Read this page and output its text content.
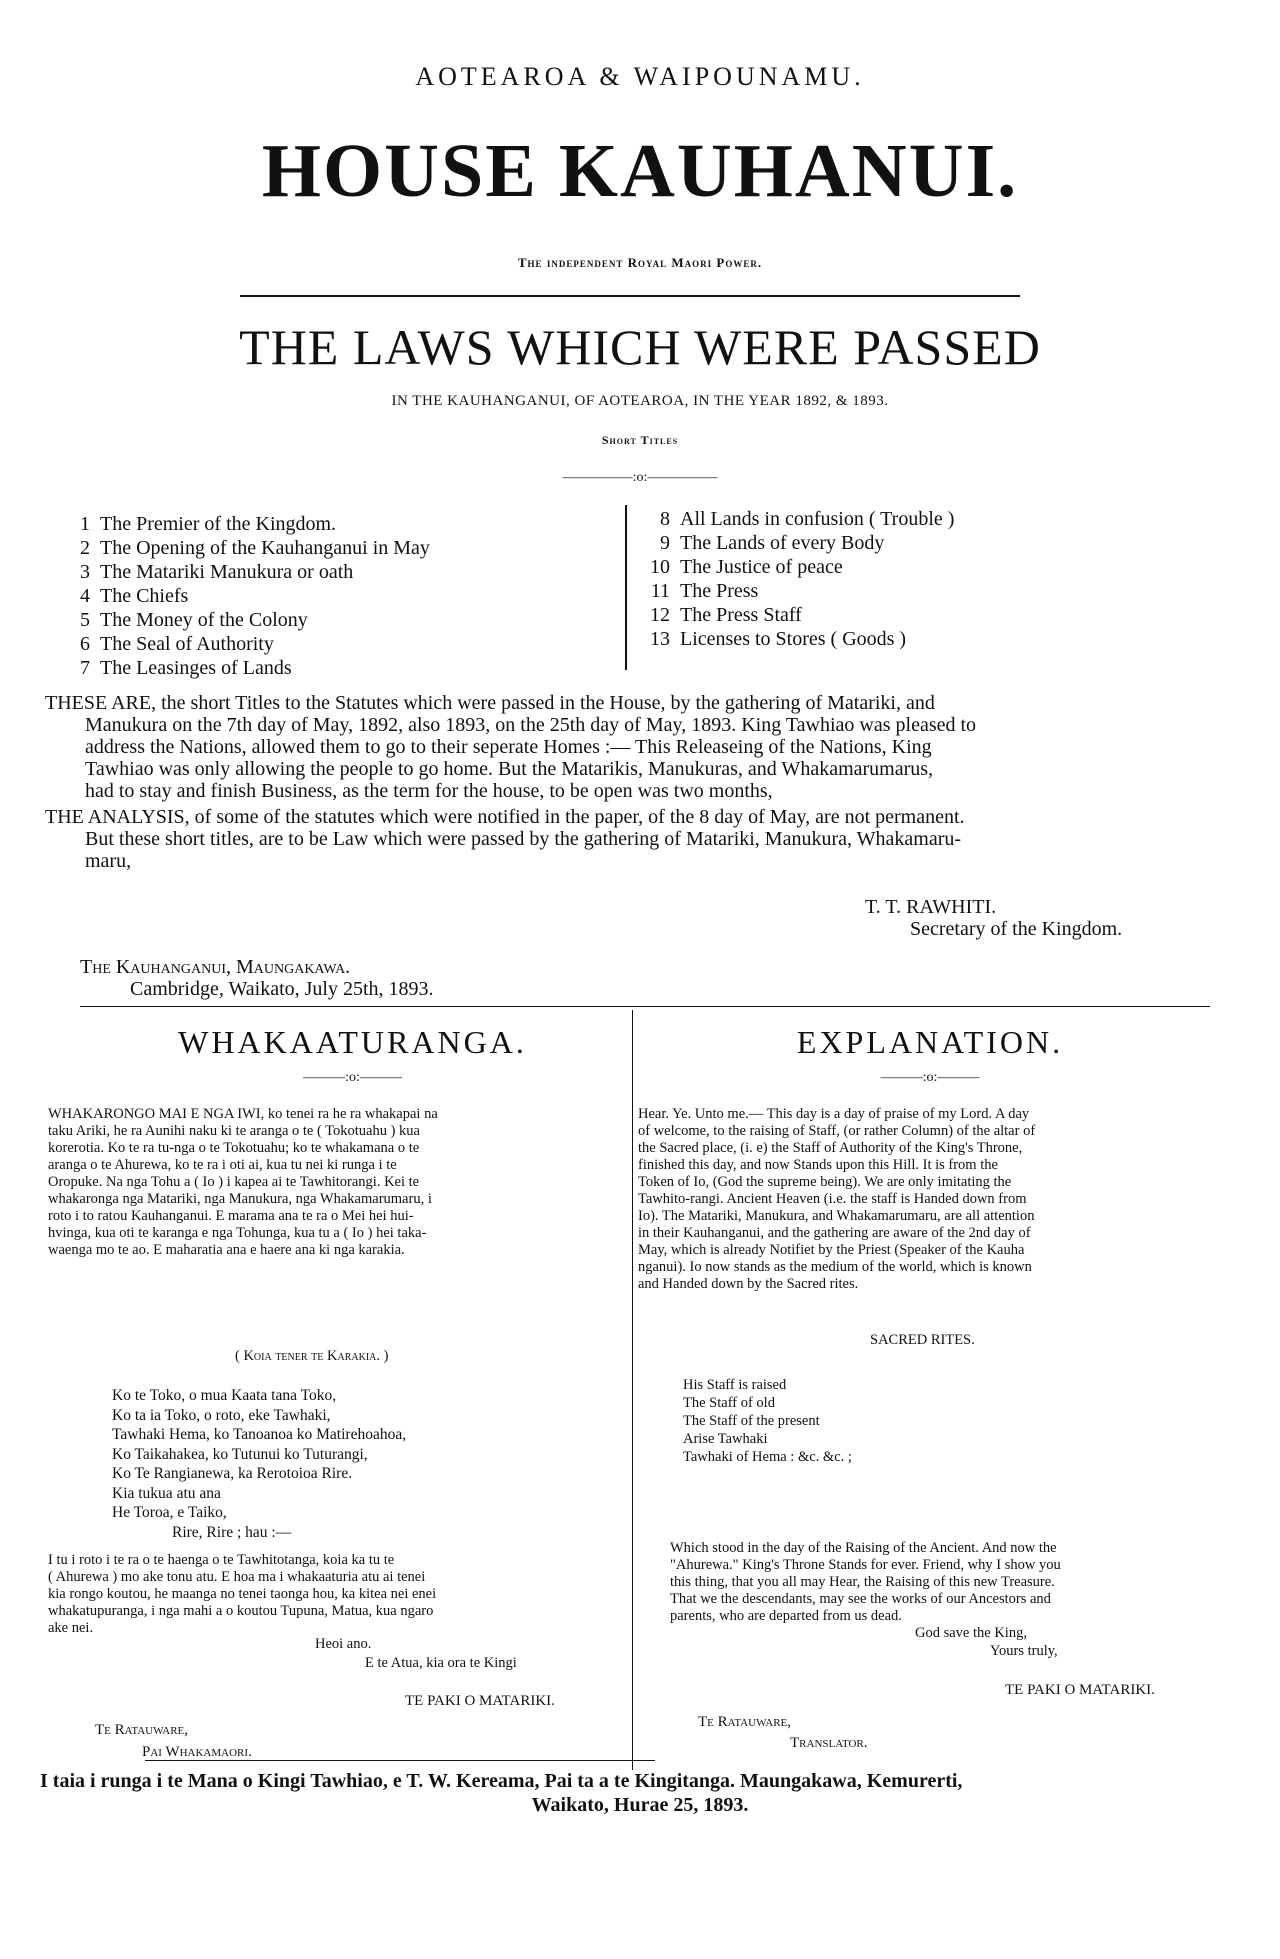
AOTEAROA & WAIPOUNAMU.
HOUSE KAUHANUI.
The independent Royal Maori Power.
THE LAWS WHICH WERE PASSED
IN THE KAUHANGANUI, OF AOTEAROA, IN THE YEAR 1892, & 1893.
Short Titles
—————:o:—————
1 The Premier of the Kingdom.
2 The Opening of the Kauhanganui in May
3 The Matariki Manukura or oath
4 The Chiefs
5 The Money of the Colony
6 The Seal of Authority
7 The Leasinges of Lands
8 All Lands in confusion ( Trouble )
9 The Lands of every Body
10 The Justice of peace
11 The Press
12 The Press Staff
13 Licenses to Stores ( Goods )
THESE ARE, the short Titles to the Statutes which were passed in the House, by the gathering of Matariki, and
Manukura on the 7th day of May, 1892, also 1893, on the 25th day of May, 1893. King Tawhiao was pleased to
address the Nations, allowed them to go to their seperate Homes :— This Releaseing of the Nations, King
Tawhiao was only allowing the people to go home. But the Matarikis, Manukuras, and Whakamarumarus,
had to stay and finish Business, as the term for the house, to be open was two months,
THE ANALYSIS, of some of the statutes which were notified in the paper, of the 8 day of May, are not permanent.
But these short titles, are to be Law which were passed by the gathering of Matariki, Manukura, Whakamaru-
maru,
T. T. RAWHITI.
Secretary of the Kingdom.
The Kauhanganui, Maungakawa.
Cambridge, Waikato, July 25th, 1893.
WHAKAATURANGA.
———:o:———
WHAKARONGO MAI E NGA IWI, ko tenei ra he ra whakapai na
taku Ariki, he ra Aunihi naku ki te aranga o te ( Tokotuahu ) kua
korerotia. Ko te ra tu-nga o te Tokotuahu; ko te whakamana o te
aranga o te Ahurewa, ko te ra i oti ai, kua tu nei ki runga i te
Oropuke. Na nga Tohu a ( Io ) i kapea ai te Tawhitorangi. Kei te
whakaronga nga Matariki, nga Manukura, nga Whakamarumaru, i
roto i to ratou Kauhanganui. E marama ana te ra o Mei hei hui-
hvinga, kua oti te karanga e nga Tohunga, kua tu a ( Io ) hei taka-
waenga mo te ao. E maharatia ana e haere ana ki nga karakia.
( Koia tener te Karakia. )
Ko te Toko, o mua Kaata tana Toko,
Ko ta ia Toko, o roto, eke Tawhaki,
Tawhaki Hema, ko Tanoanoa ko Matirehoahoa,
Ko Taikahakea, ko Tutunui ko Tuturangi,
Ko Te Rangianewa, ka Rerotoioa Rire.
Kia tukua atu ana
He Toroa, e Taiko,
Rire, Rire ; hau :—
I tu i roto i te ra o te haenga o te Tawhitotanga, koia ka tu te
( Ahurewa ) mo ake tonu atu. E hoa ma i whakaaturia atu ai tenei
kia rongo koutou, he maanga no tenei taonga hou, ka kitea nei enei
whakatupuranga, i nga mahi a o koutou Tupuna, Matua, kua ngaro
ake nei.
Heoi ano.
E te Atua, kia ora te Kingi
TE PAKI O MATARIKI.
Te Ratauware,
Pai Whakamaori.
EXPLANATION.
———:o:———
Hear. Ye. Unto me.— This day is a day of praise of my Lord. A day
of welcome, to the raising of Staff, (or rather Column) of the altar of
the Sacred place, (i. e) the Staff of Authority of the King's Throne,
finished this day, and now Stands upon this Hill. It is from the
Token of Io, (God the supreme being). We are only imitating the
Tawhito-rangi. Ancient Heaven (i.e. the staff is Handed down from
Io). The Matariki, Manukura, and Whakamarumaru, are all attention
in their Kauhanganui, and the gathering are aware of the 2nd day of
May, which is already Notifiet by the Priest (Speaker of the Kauha
nganui). Io now stands as the medium of the world, which is known
and Handed down by the Sacred rites.
SACRED RITES.
His Staff is raised
The Staff of old
The Staff of the present
Arise Tawhaki
Tawhaki of Hema : &c. &c. ;
Which stood in the day of the Raising of the Ancient. And now the
"Ahurewa." King's Throne Stands for ever. Friend, why I show you
this thing, that you all may Hear, the Raising of this new Treasure.
That we the descendants, may see the works of our Ancestors and
parents, who are departed from us dead.
God save the King,
Yours truly,
TE PAKI O MATARIKI.
Te Ratauware,
Translator.
I taia i runga i te Mana o Kingi Tawhiao, e T. W. Kereama, Pai ta a te Kingitanga. Maungakawa, Kemurerti,
Waikato, Hurae 25, 1893.
